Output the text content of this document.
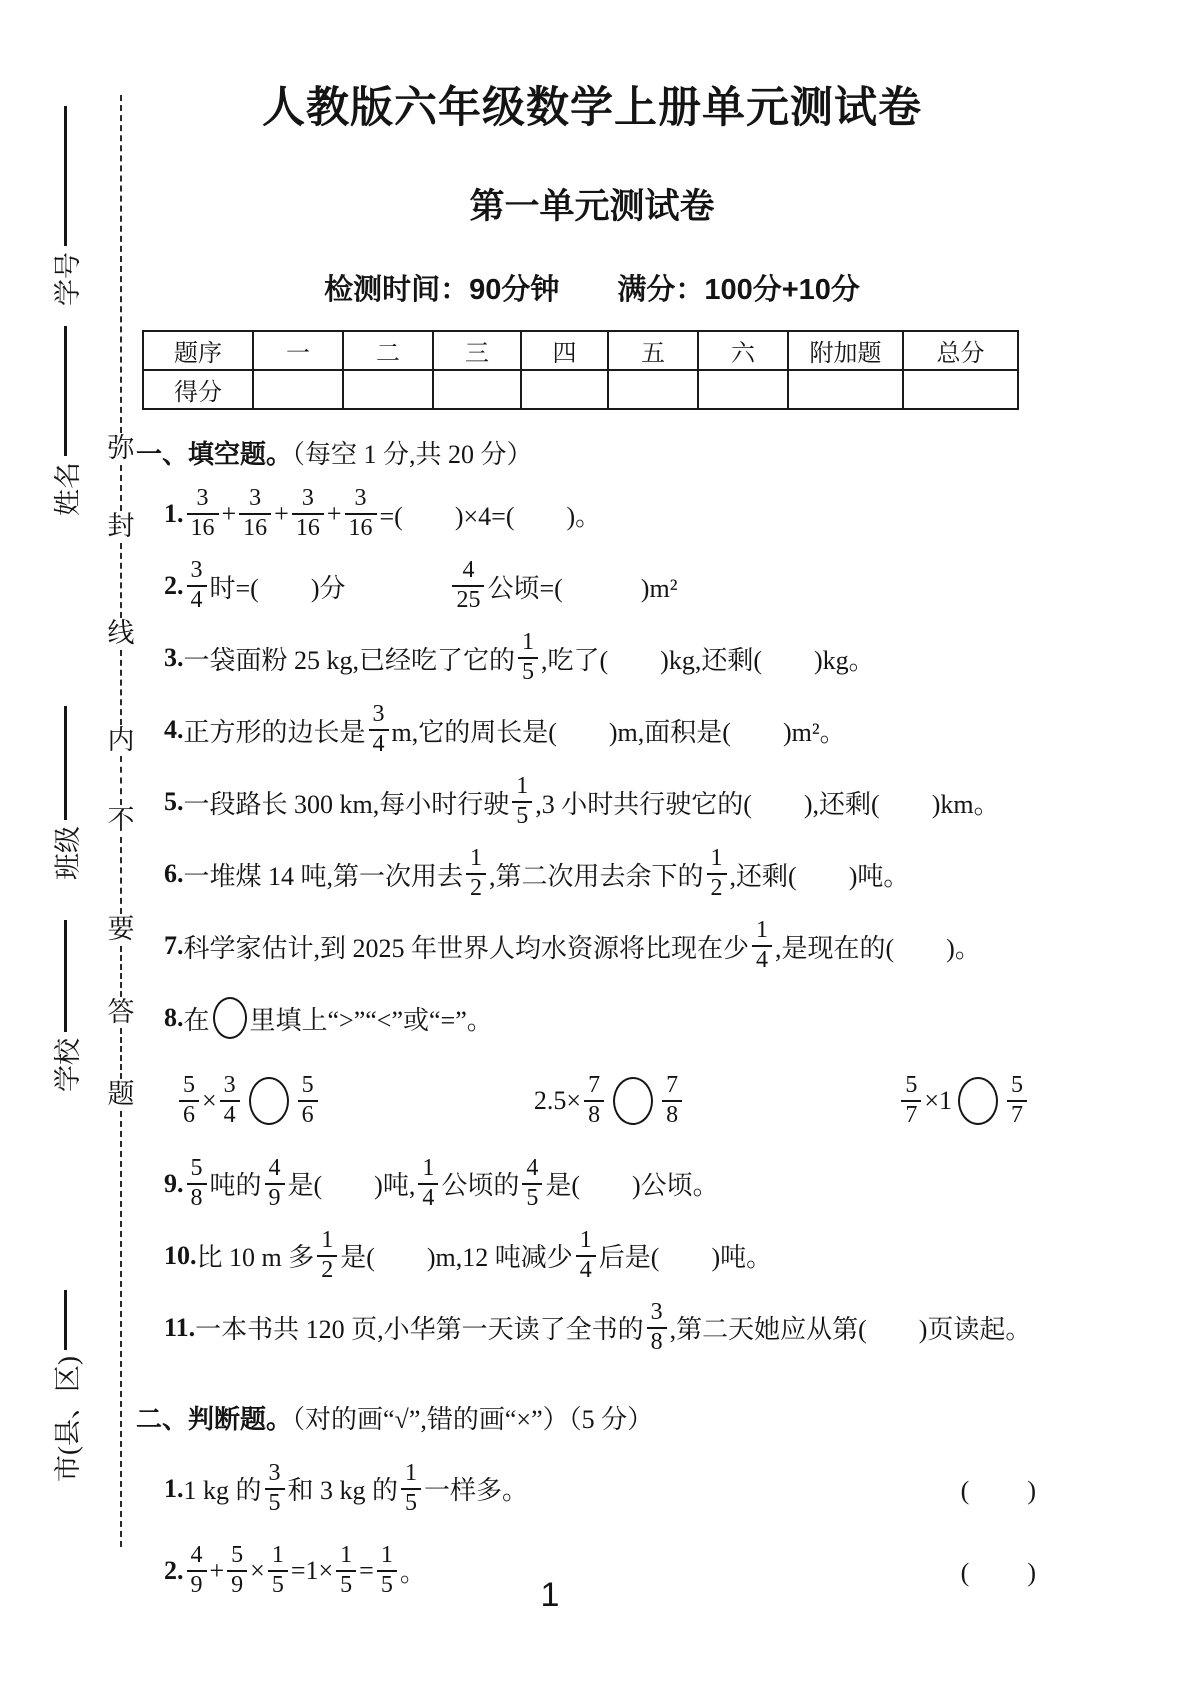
学号
姓名
班级
学校
市(县、区)
弥
封
线
内
不
要
答
题
人教版六年级数学上册单元测试卷
第一单元测试卷
检测时间：90分钟　　满分：100分+10分
题序	一	二	三	四	五	六	附加题	总分
得分								
一、填空题。（每空 1 分,共 20 分）
1. $\frac{3}{16} + \frac{3}{16} + \frac{3}{16} + \frac{3}{16}$ =(　　)×4=(　　)。
2. $\frac{3}{4}$ 时=(　　)分	$\frac{4}{25}$ 公顷=(　　　)m²
3. 一袋面粉 25 kg,已经吃了它的 $\frac{1}{5}$ ,吃了(　　)kg,还剩(　　)kg。
4. 正方形的边长是 $\frac{3}{4} m$,它的周长是(　　)m,面积是(　　)m²。
5. 一段路长 300 km,每小时行驶 $\frac{1}{5} ,3$ 小时共行驶它的(　　),还剩(　　)km。
6. 一堆煤 14 吨,第一次用去 $\frac{1}{2}$ ,第二次用去余下的 $\frac{1}{2}$ ,还剩(　　)吨。
7. 科学家估计,到 2025 年世界人均水资源将比现在少 $\frac{1}{4}$ ,是现在的(　　)。
8. 在 里填上“>”“<”或“=”。
$\frac{5}{6} \times \frac{3}{4} \frac{5}{6}$	$2.5\times \frac{7}{8} \frac{7}{8}$	$\frac{5}{7} \times 1 \frac{5}{7}$
9. $\frac{5}{8}$ 吨的 $\frac{4}{9}$ 是(　　)吨, $\frac{1}{4}$ 公顷的 $\frac{4}{5}$ 是(　　)公顷。
10. 比 10 m 多 $\frac{1}{2}$ 是(　　)m,12 吨减少 $\frac{1}{4}$ 后是(　　)吨。
11. 一本书共 120 页,小华第一天读了全书的 $\frac{3}{8}$ ,第二天她应从第(　　)页读起。
二、判断题。（对的画“√”,错的画“×”）（5 分）
1. 1 kg 的 $\frac{3}{5}$ 和 3 kg 的 $\frac{1}{5}$ 一样多。	(　　)
2. $\frac{4}{9} + \frac{5}{9} \times \frac{1}{5} =1\times \frac{1}{5} = \frac{1}{5}$ 。	(　　)
1
